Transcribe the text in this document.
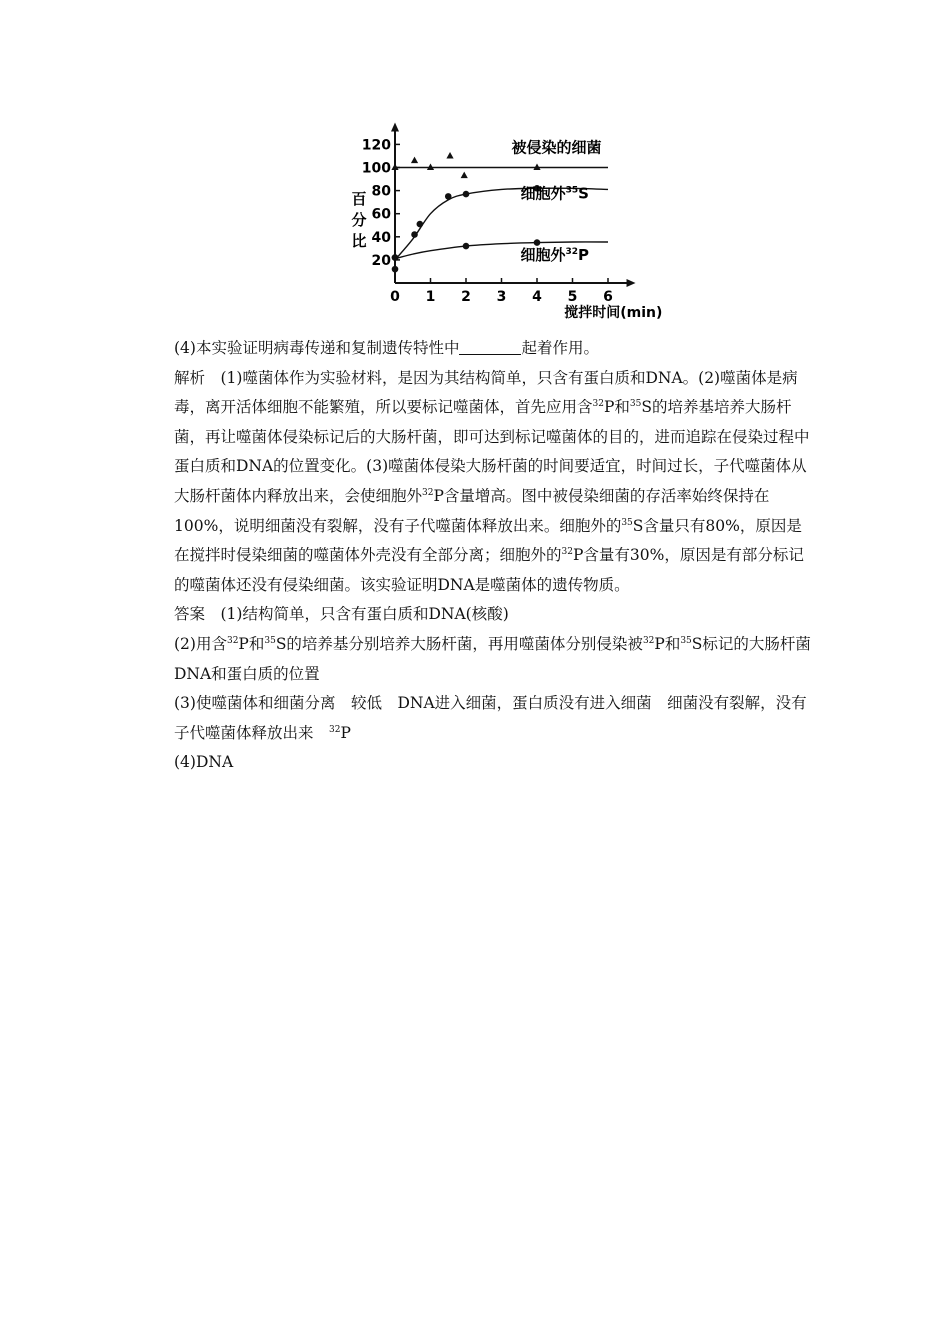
0 1 2 3 4 5 6
搅拌时间(min)
20
40
60
80
100
120
百
分
比
被侵染的细菌
细胞外$^{35}$S
细胞外$^{32}$P

(4)本实验证明病毒传递和复制遗传特性中	起着作用。

解析　(1)噬菌体作为实验材料，是因为其结构简单，只含有蛋白质和DNA。(2)噬菌体是病毒，离开活体细胞不能繁殖，所以要标记噬菌体，首先应用含$^{32}$P和$^{35}$S的培养基培养大肠杆菌，再让噬菌体侵染标记后的大肠杆菌，即可达到标记噬菌体的目的，进而追踪在侵染过程中蛋白质和DNA的位置变化。(3)噬菌体侵染大肠杆菌的时间要适宜，时间过长，子代噬菌体从大肠杆菌体内释放出来，会使细胞外$^{32}$P含量增高。图中被侵染细菌的存活率始终保持在100%，说明细菌没有裂解，没有子代噬菌体释放出来。细胞外的$^{35}$S含量只有80%，原因是在搅拌时侵染细菌的噬菌体外壳没有全部分离；细胞外的$^{32}$P含量有30%，原因是有部分标记的噬菌体还没有侵染细菌。该实验证明DNA是噬菌体的遗传物质。

答案　(1)结构简单，只含有蛋白质和DNA(核酸)

(2)用含$^{32}$P和$^{35}$S的培养基分别培养大肠杆菌，再用噬菌体分别侵染被$^{32}$P和$^{35}$S标记的大肠杆菌　DNA和蛋白质的位置

(3)使噬菌体和细菌分离　较低　DNA进入细菌，蛋白质没有进入细菌　细菌没有裂解，没有子代噬菌体释放出来　$^{32}$P

(4)DNA
